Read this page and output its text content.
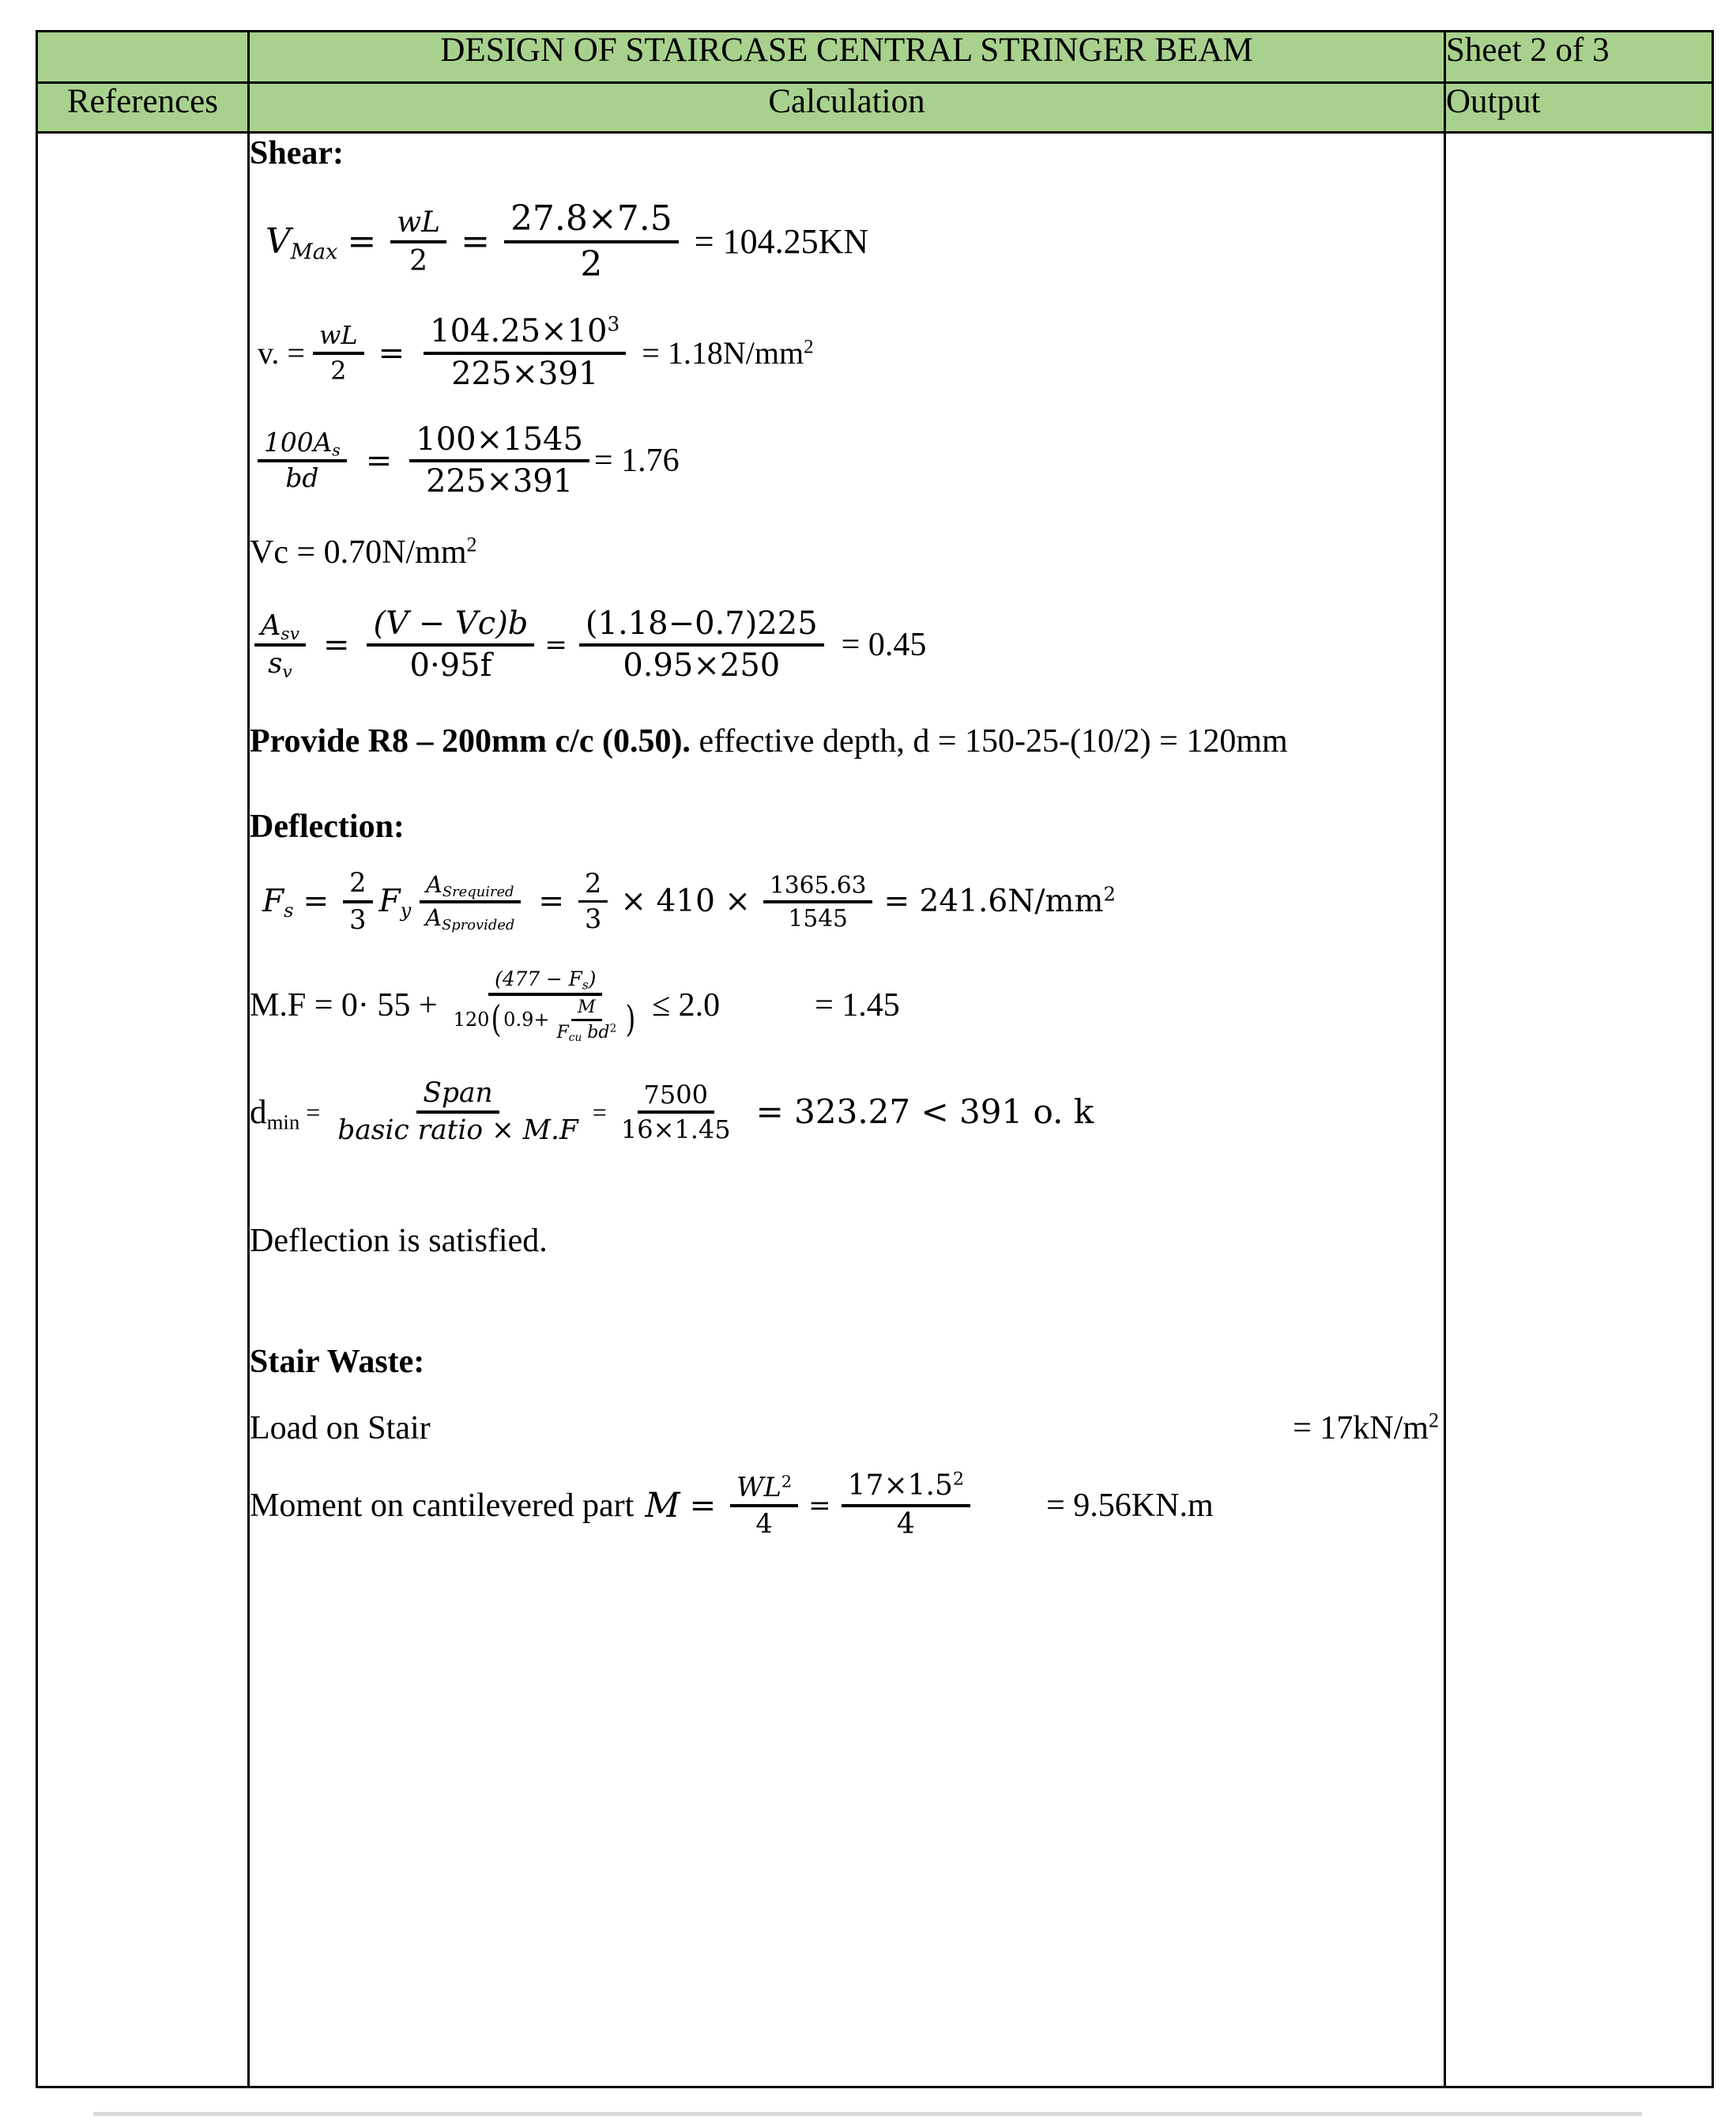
	DESIGN OF STAIRCASE CENTRAL STRINGER BEAM	Sheet 2 of 3
References	Calculation	Output

Shear:

$V_{Max} = \frac{wL}{2} = \frac{27.8\times 7.5}{2} = 104.25KN$
v. = $\frac{wL}{2} = \frac{104.25\times 10^3}{225\times 391} = 1.18N/mm^2$
$\frac{100A_s}{bd} = \frac{100\times 1545}{225\times 391} = 1.76$

$Vc = 0.70N/mm^2$

$\frac{A_{sv}}{s_v} = \frac{(V - Vc)b}{0\cdot 95f} = \frac{(1.18-0.7)225}{0.95\times 250} = 0.45$

Provide R8 – 200mm c/c (0.50). effective depth, d = 150-25-(10/2) = 120mm

Deflection:

$F_s = \frac{2}{3} F_y \frac{A_{Srequired}}{A_{Sprovided}} = \frac{2}{3} \times 410 \times \frac{1365.63}{1545} = 241.6N/mm^2$
M.F = 0· 55 +
$(477 - F_s)$
120 ( $0.9+ \frac{M}{F_{cu} bd^2}$ ) ≤ 2.0	= 1.45
$d_{min} = \frac{\text{Span}}{\text{basic ratio × M.F}} = \frac{7500}{16\times 1.45} = 323.27 < 391$ o. k

Deflection is satisfied.

Stair Waste:

Load on Stair	= $17kN/m^2$
Moment on cantilevered part $M = \frac{WL^2}{4} = \frac{17\times 1.5^2}{4} = 9.56KN.m$
